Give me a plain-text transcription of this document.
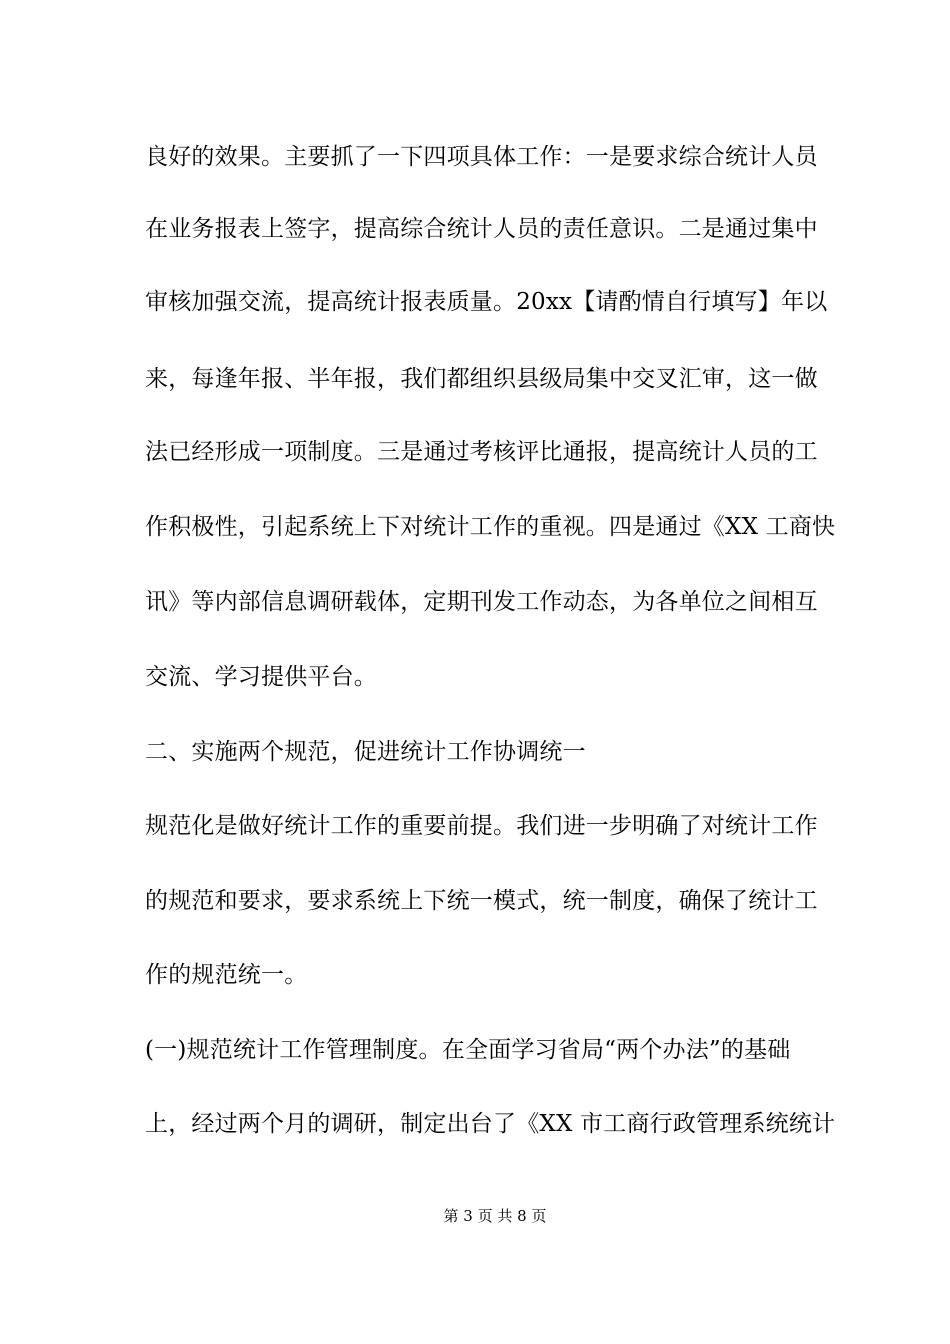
良好的效果。主要抓了一下四项具体工作：一是要求综合统计人员
在业务报表上签字，提高综合统计人员的责任意识。二是通过集中
审核加强交流，提高统计报表质量。20xx【请酌情自行填写】年以
来，每逢年报、半年报，我们都组织县级局集中交叉汇审，这一做
法已经形成一项制度。三是通过考核评比通报，提高统计人员的工
作积极性，引起系统上下对统计工作的重视。四是通过《XX 工商快
讯》等内部信息调研载体，定期刊发工作动态，为各单位之间相互
交流、学习提供平台。
二、实施两个规范，促进统计工作协调统一
规范化是做好统计工作的重要前提。我们进一步明确了对统计工作
的规范和要求，要求系统上下统一模式，统一制度，确保了统计工
作的规范统一。
(一)规范统计工作管理制度。在全面学习省局“两个办法”的基础
上，经过两个月的调研，制定出台了《XX 市工商行政管理系统统计
第 3 页 共 8 页
